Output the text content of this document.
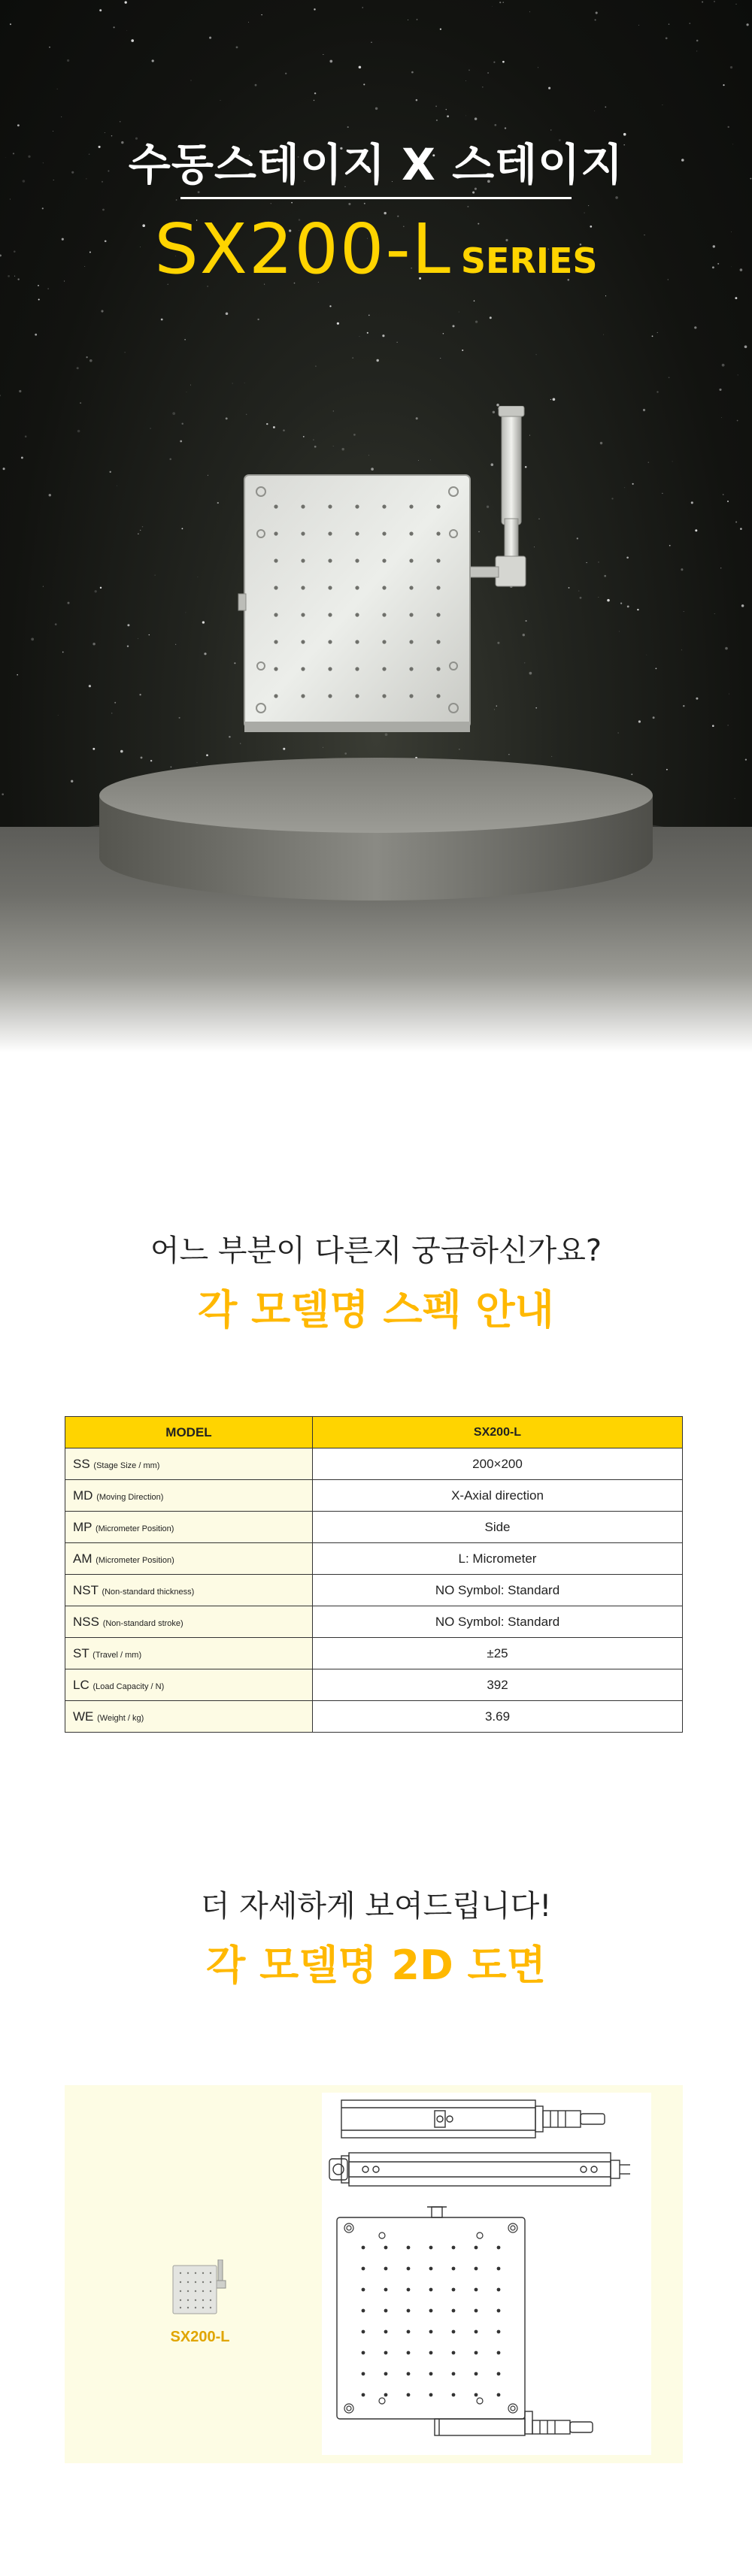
수동스테이지 X 스테이지
SX200-L SERIES
어느 부분이 다른지 궁금하신가요?
각 모델명 스펙 안내
MODEL	SX200-L
SS (Stage Size / mm)	200×200
MD (Moving Direction)	X-Axial direction
MP (Micrometer Position)	Side
AM (Micrometer Position)	L: Micrometer
NST (Non-standard thickness)	NO Symbol: Standard
NSS (Non-standard stroke)	NO Symbol: Standard
ST (Travel / mm)	±25
LC (Load Capacity / N)	392
WE (Weight / kg)	3.69
더 자세하게 보여드립니다!
각 모델명 2D 도면
SX200-L
